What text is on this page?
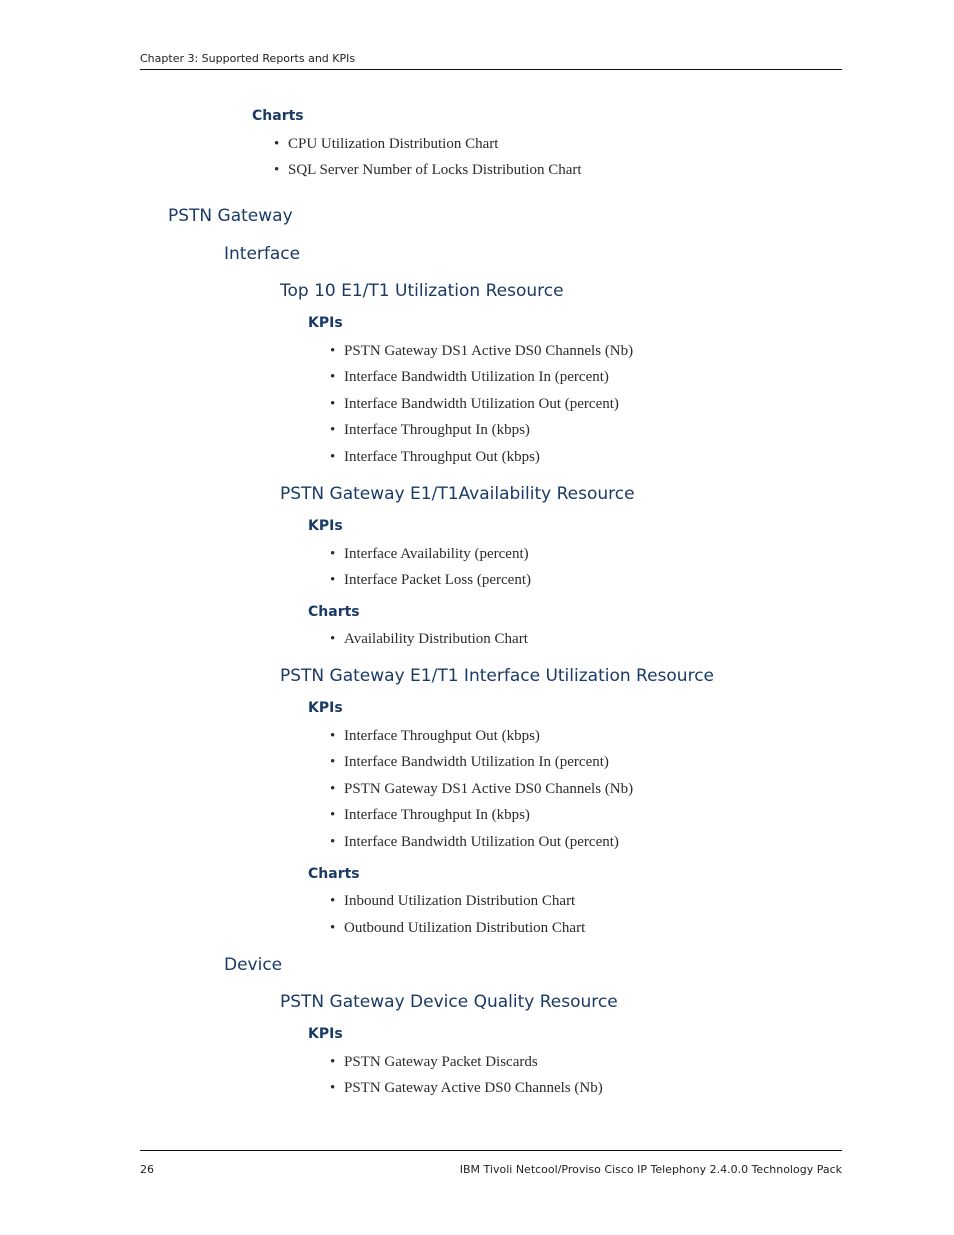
Chapter 3: Supported Reports and KPIs
Charts
• CPU Utilization Distribution Chart
• SQL Server Number of Locks Distribution Chart
PSTN Gateway
Interface
Top 10 E1/T1 Utilization Resource
KPIs
• PSTN Gateway DS1 Active DS0 Channels (Nb)
• Interface Bandwidth Utilization In (percent)
• Interface Bandwidth Utilization Out (percent)
• Interface Throughput In (kbps)
• Interface Throughput Out (kbps)
PSTN Gateway E1/T1Availability Resource
KPIs
• Interface Availability (percent)
• Interface Packet Loss (percent)
Charts
• Availability Distribution Chart
PSTN Gateway E1/T1 Interface Utilization Resource
KPIs
• Interface Throughput Out (kbps)
• Interface Bandwidth Utilization In (percent)
• PSTN Gateway DS1 Active DS0 Channels (Nb)
• Interface Throughput In (kbps)
• Interface Bandwidth Utilization Out (percent)
Charts
• Inbound Utilization Distribution Chart
• Outbound Utilization Distribution Chart
Device
PSTN Gateway Device Quality Resource
KPIs
• PSTN Gateway Packet Discards
• PSTN Gateway Active DS0 Channels (Nb)
26	IBM Tivoli Netcool/Proviso Cisco IP Telephony 2.4.0.0 Technology Pack
